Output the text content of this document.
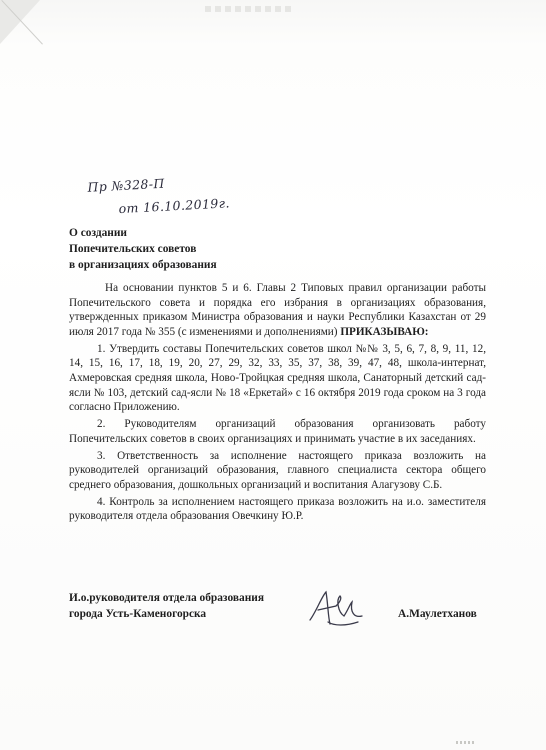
Пр №328-П
от 16.10.2019г.
О создании
Попечительских советов
в организациях образования

На основании пунктов 5 и 6. Главы 2 Типовых правил организации работы Попечительского совета и порядка его избрания в организациях образования, утвержденных приказом Министра образования и науки Республики Казахстан от 29 июля 2017 года № 355 (с изменениями и дополнениями) ПРИКАЗЫВАЮ:

1. Утвердить составы Попечительских советов школ №№ 3, 5, 6, 7, 8, 9, 11, 12, 14, 15, 16, 17, 18, 19, 20, 27, 29, 32, 33, 35, 37, 38, 39, 47, 48, школа-интернат, Ахмеровская средняя школа, Ново-Тройцкая средняя школа, Санаторный детский сад-ясли № 103, детский сад-ясли № 18 «Еркетай» с 16 октября 2019 года сроком на 3 года согласно Приложению.

2. Руководителям организаций образования организовать работу Попечительских советов в своих организациях и принимать участие в их заседаниях.

3. Ответственность за исполнение настоящего приказа возложить на руководителей организаций образования, главного специалиста сектора общего среднего образования, дошкольных организаций и воспитания Алагузову С.Б.

4. Контроль за исполнением настоящего приказа возложить на и.о. заместителя руководителя отдела образования Овечкину Ю.Р.

И.о.руководителя отдела образования
города Усть-Каменогорска	А.Маулетханов
